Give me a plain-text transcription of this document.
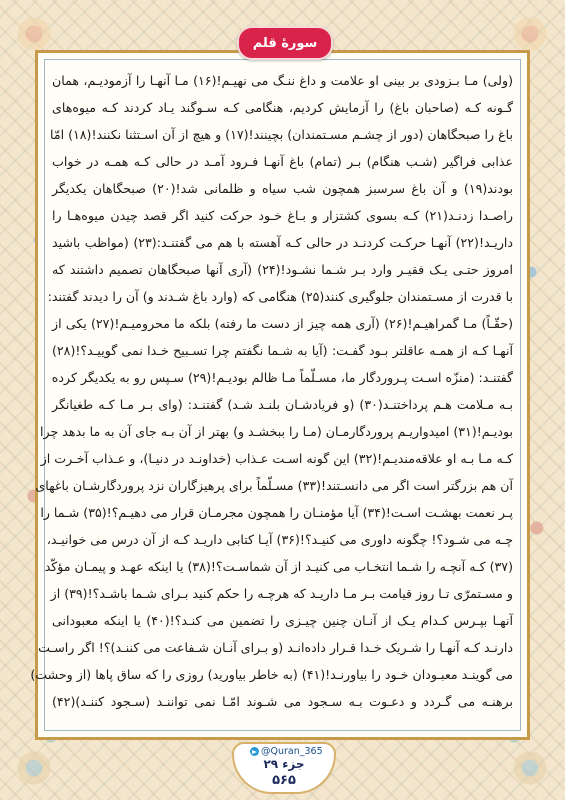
(ولی) مـا بـزودی بر بینی او علامت و داغ ننـگ می نهیـم!(۱۶) مـا آنهـا را آزمودیـم، همان
گـونه کـه (صاحبان باغ) را آزمایش کردیم، هنگامی کـه سـوگند یـاد کردند کـه میوه‌های
باغ را صبحگاهان (دور از چشـم مسـتمندان) بچینند!(۱۷) و هیچ از آن اسـتثنا نکنند!(۱۸) امّا
عذابی فراگیر (شـب هنگام) بـر (تمام) باغ آنهـا فـرود آمـد در حالی کـه همـه در خواب
بودند(۱۹) و آن باغ سرسبز همچون شب سیاه و ظلمانی شد!(۲۰) صبحگاهان یکدیگر
راصـدا زدنـد(۲۱) کـه بسوی کشتزار و بـاغ خـود حرکت کنید اگر قصد چیدن میوه‌هـا را
داریـد!(۲۲) آنهـا حرکـت کردنـد در حالی کـه آهسته با هم می گفتنـد:(۲۳) (مواظب باشید
امروز حتـی یـک فقیـر وارد بـر شـما نشـود!(۲۴) (آری آنها صبحگاهان تصمیم داشتند که
با قدرت از مسـتمندان جلوگیری کنند(۲۵) هنگامی که (وارد باغ شـدند و) آن را دیدند گفتند:
(حقّـاً) مـا گمراهیـم!(۲۶) (آری همه چیز از دست ما رفته) بلکه ما محرومیـم!(۲۷) یکی از
آنهـا کـه از همـه عاقلتر بـود گفـت: (آیا به شـما نگفتم چرا تسـبیح خـدا نمی گوییـد؟!(۲۸)
گفتنـد: (منزّه اسـت پـروردگار ما، مسـلّماً مـا ظالم بودیـم!(۲۹) سـپس رو به یکدیگر کرده
بـه مـلامت هـم پرداختنـد(۳۰) (و فریادشـان بلنـد شـد) گفتنـد: (وای بـر مـا کـه طغیانگر
بودیـم!(۳۱) امیدواریـم پروردگارمـان (مـا را ببخشـد و) بهتر از آن بـه جای آن به ما بدهد چرا
کـه مـا بـه او علاقه‌مندیـم!(۳۲) این گونه اسـت عـذاب (خداونـد در دنیـا)، و عـذاب آخـرت از
آن هم بزرگتر است اگر می دانسـتند!(۳۳) مسـلّماً برای پرهیزگاران نزد پروردگارشـان باغهای
پـر نعمت بهشـت اسـت!(۳۴) آیا مؤمنـان را همچون مجرمـان قرار می دهیـم؟!(۳۵) شـما را
چـه می شـود؟! چگونه داوری می کنیـد؟!(۳۶) آیـا کتابی داریـد کـه از آن درس می خوانیـد،
(۳۷) کـه آنچـه را شـما انتخـاب می کنیـد از آن شماسـت؟!(۳۸) یا اینکه عهـد و پیمـان مؤکّد
و مسـتمرّی تـا روز قیامت بـر مـا داریـد که هرچـه را حکم کنید بـرای شـما باشـد؟!(۳۹) از
آنهـا بپـرس کـدام یـک از آنـان چنین چیـزی را تضمین می کنـد؟!(۴۰) یا اینکه معبودانی
دارنـد کـه آنهـا را شـریک خـدا قـرار داده‌انـد (و بـرای آنـان شـفاعت می کننـد)؟! اگر راسـت
می گوینـد معبـودان خـود را بیاورنـد!(۴۱) (به خاطر بیاورید) روزی را که ساق پاها (از وحشت)
برهنـه می گـردد و دعـوت بـه سـجود می شـوند امّـا نمی تواننـد (سـجود کننـد)(۴۲)
سورهٔ قلم
@Quran_365
جزء ۲۹
۵۶۵
